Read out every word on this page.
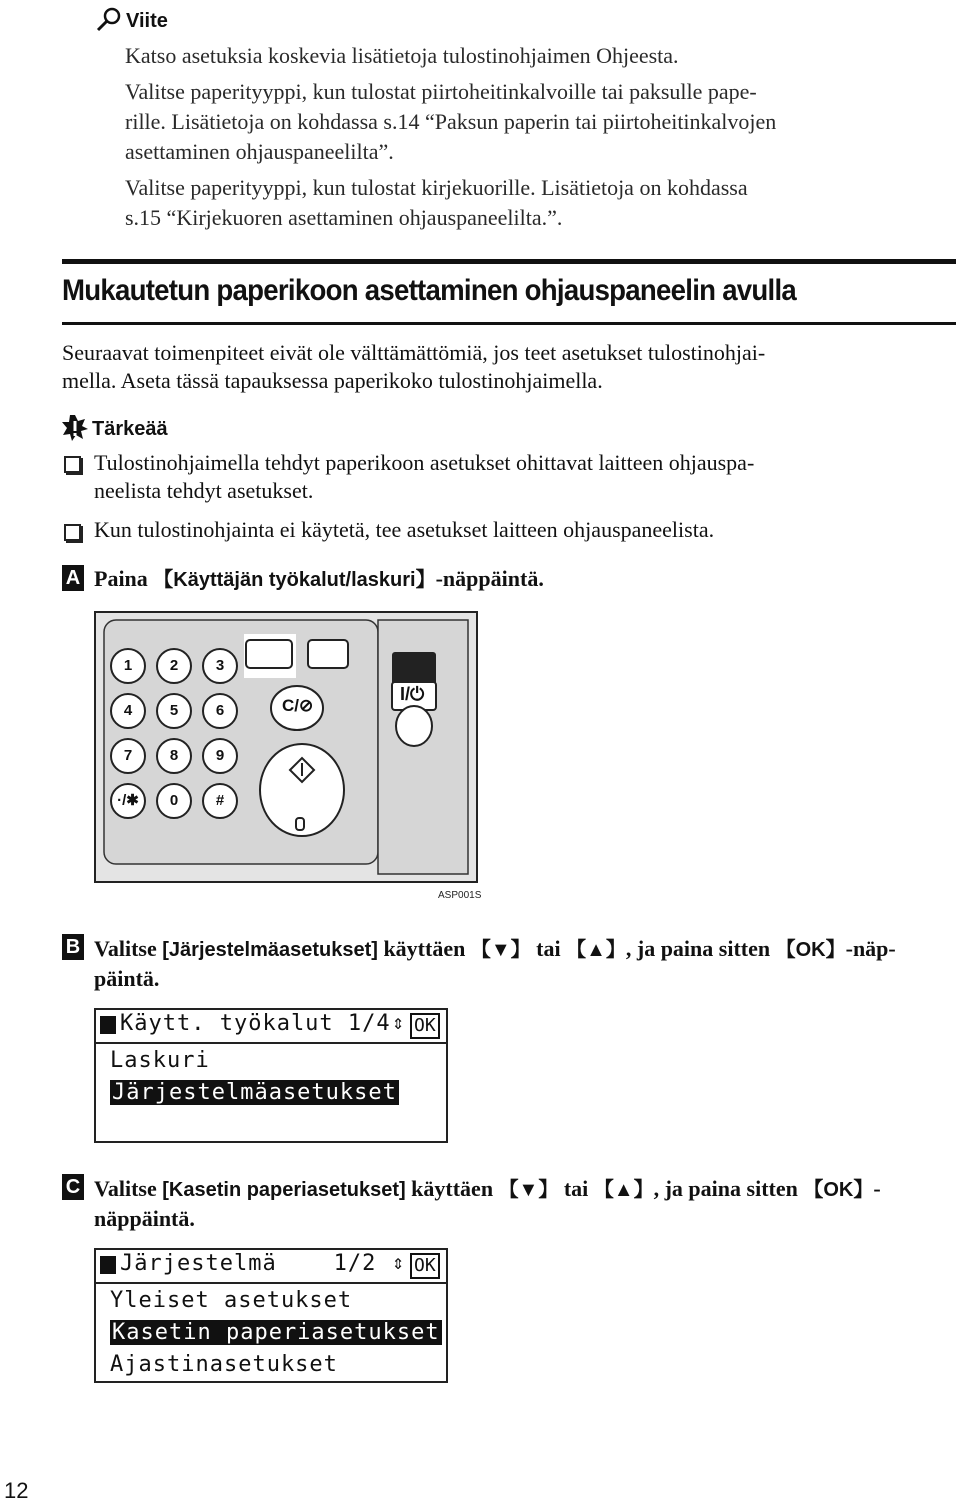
Viite
Katso asetuksia koskevia lisätietoja tulostinohjaimen Ohjeesta.
Valitse paperityyppi, kun tulostat piirtoheitinkalvoille tai paksulle pape-
rille. Lisätietoja on kohdassa s.14 “Paksun paperin tai piirtoheitinkalvojen
asettaminen ohjauspaneelilta”.
Valitse paperityyppi, kun tulostat kirjekuorille. Lisätietoja on kohdassa
s.15 “Kirjekuoren asettaminen ohjauspaneelilta.”.
Mukautetun paperikoon asettaminen ohjauspaneelin avulla
Seuraavat toimenpiteet eivät ole välttämättömiä, jos teet asetukset tulostinohjai-
mella. Aseta tässä tapauksessa paperikoko tulostinohjaimella.
Tärkeää
Tulostinohjaimella tehdyt paperikoon asetukset ohittavat laitteen ohjauspa-
neelista tehdyt asetukset.
Kun tulostinohjainta ei käytetä, tee asetukset laitteen ohjauspaneelista.
A Paina 【Käyttäjän työkalut/laskuri】-näppäintä.
1	2	3
4	5	6
7	8	9
·/✱	0	#
C/⊘
I/⏻
ASP001S
B Valitse [Järjestelmäasetukset] käyttäen 【▼】 tai 【▲】, ja paina sitten 【OK】-näp-
päintä.
Käytt. työkalut 1/4 ⇕ OK
Laskuri
Järjestelmäasetukset
C Valitse [Kasetin paperiasetukset] käyttäen 【▼】 tai 【▲】, ja paina sitten 【OK】-
näppäintä.
Järjestelmä    1/2 ⇕ OK
Yleiset asetukset
Kasetin paperiasetukset
Ajastinasetukset
12
